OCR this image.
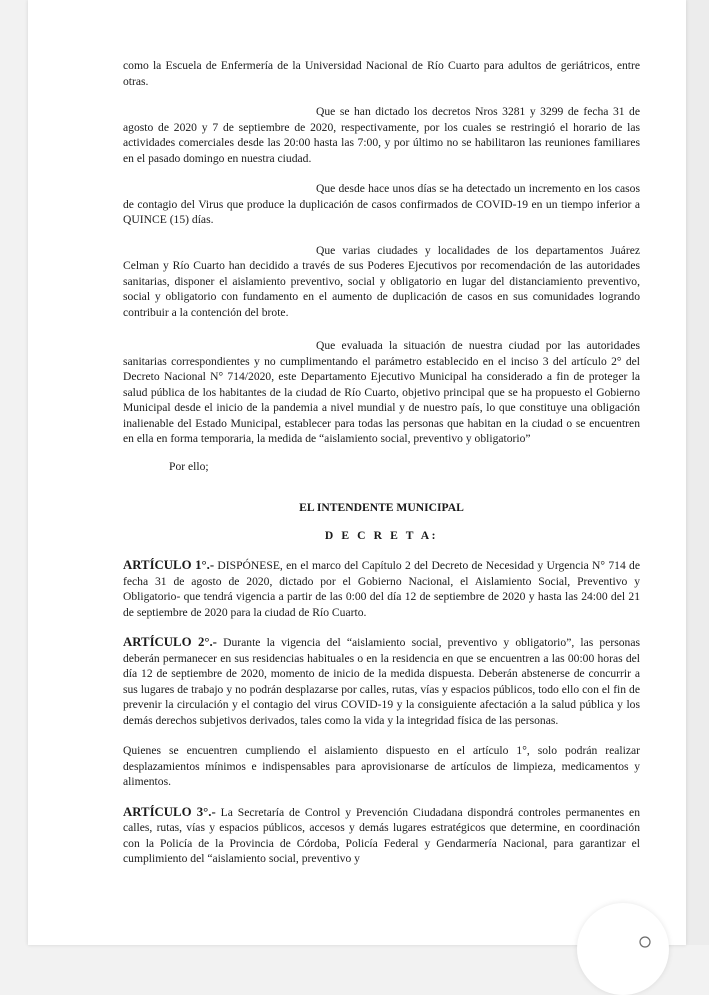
como la Escuela de Enfermería de la Universidad Nacional de Río Cuarto para adultos de geriátricos, entre otras.

Que se han dictado los decretos Nros 3281 y 3299 de fecha 31 de agosto de 2020 y 7 de septiembre de 2020, respectivamente, por los cuales se restringió el horario de las actividades comerciales desde las 20:00 hasta las 7:00, y por último no se habilitaron las reuniones familiares en el pasado domingo en nuestra ciudad.

Que desde hace unos días se ha detectado un incremento en los casos de contagio del Virus que produce la duplicación de casos confirmados de COVID-19 en un tiempo inferior a QUINCE (15) días.

Que varias ciudades y localidades de los departamentos Juárez Celman y Río Cuarto han decidido a través de sus Poderes Ejecutivos por recomendación de las autoridades sanitarias, disponer el aislamiento preventivo, social y obligatorio en lugar del distanciamiento preventivo, social y obligatorio con fundamento en el aumento de duplicación de casos en sus comunidades logrando contribuir a la contención del brote.

Que evaluada la situación de nuestra ciudad por las autoridades sanitarias correspondientes y no cumplimentando el parámetro establecido en el inciso 3 del artículo 2° del Decreto Nacional N° 714/2020, este Departamento Ejecutivo Municipal ha considerado a fin de proteger la salud pública de los habitantes de la ciudad de Río Cuarto, objetivo principal que se ha propuesto el Gobierno Municipal desde el inicio de la pandemia a nivel mundial y de nuestro país, lo que constituye una obligación inalienable del Estado Municipal, establecer para todas las personas que habitan en la ciudad o se encuentren en ella en forma temporaria, la medida de “aislamiento social, preventivo y obligatorio”

Por ello;

EL INTENDENTE MUNICIPAL

D E C R E T A:

ARTÍCULO 1°.- DISPÓNESE, en el marco del Capítulo 2 del Decreto de Necesidad y Urgencia N° 714 de fecha 31 de agosto de 2020, dictado por el Gobierno Nacional, el Aislamiento Social, Preventivo y Obligatorio- que tendrá vigencia a partir de las 0:00 del día 12 de septiembre de 2020 y hasta las 24:00 del 21 de septiembre de 2020 para la ciudad de Río Cuarto.

ARTÍCULO 2°.- Durante la vigencia del “aislamiento social, preventivo y obligatorio”, las personas deberán permanecer en sus residencias habituales o en la residencia en que se encuentren a las 00:00 horas del día 12 de septiembre de 2020, momento de inicio de la medida dispuesta. Deberán abstenerse de concurrir a sus lugares de trabajo y no podrán desplazarse por calles, rutas, vías y espacios públicos, todo ello con el fin de prevenir la circulación y el contagio del virus COVID-19 y la consiguiente afectación a la salud pública y los demás derechos subjetivos derivados, tales como la vida y la integridad física de las personas.

Quienes se encuentren cumpliendo el aislamiento dispuesto en el artículo 1°, solo podrán realizar desplazamientos mínimos e indispensables para aprovisionarse de artículos de limpieza, medicamentos y alimentos.

ARTÍCULO 3°.- La Secretaría de Control y Prevención Ciudadana dispondrá controles permanentes en calles, rutas, vías y espacios públicos, accesos y demás lugares estratégicos que determine, en coordinación con la Policía de la Provincia de Córdoba, Policía Federal y Gendarmería Nacional, para garantizar el cumplimiento del “aislamiento social, preventivo y
